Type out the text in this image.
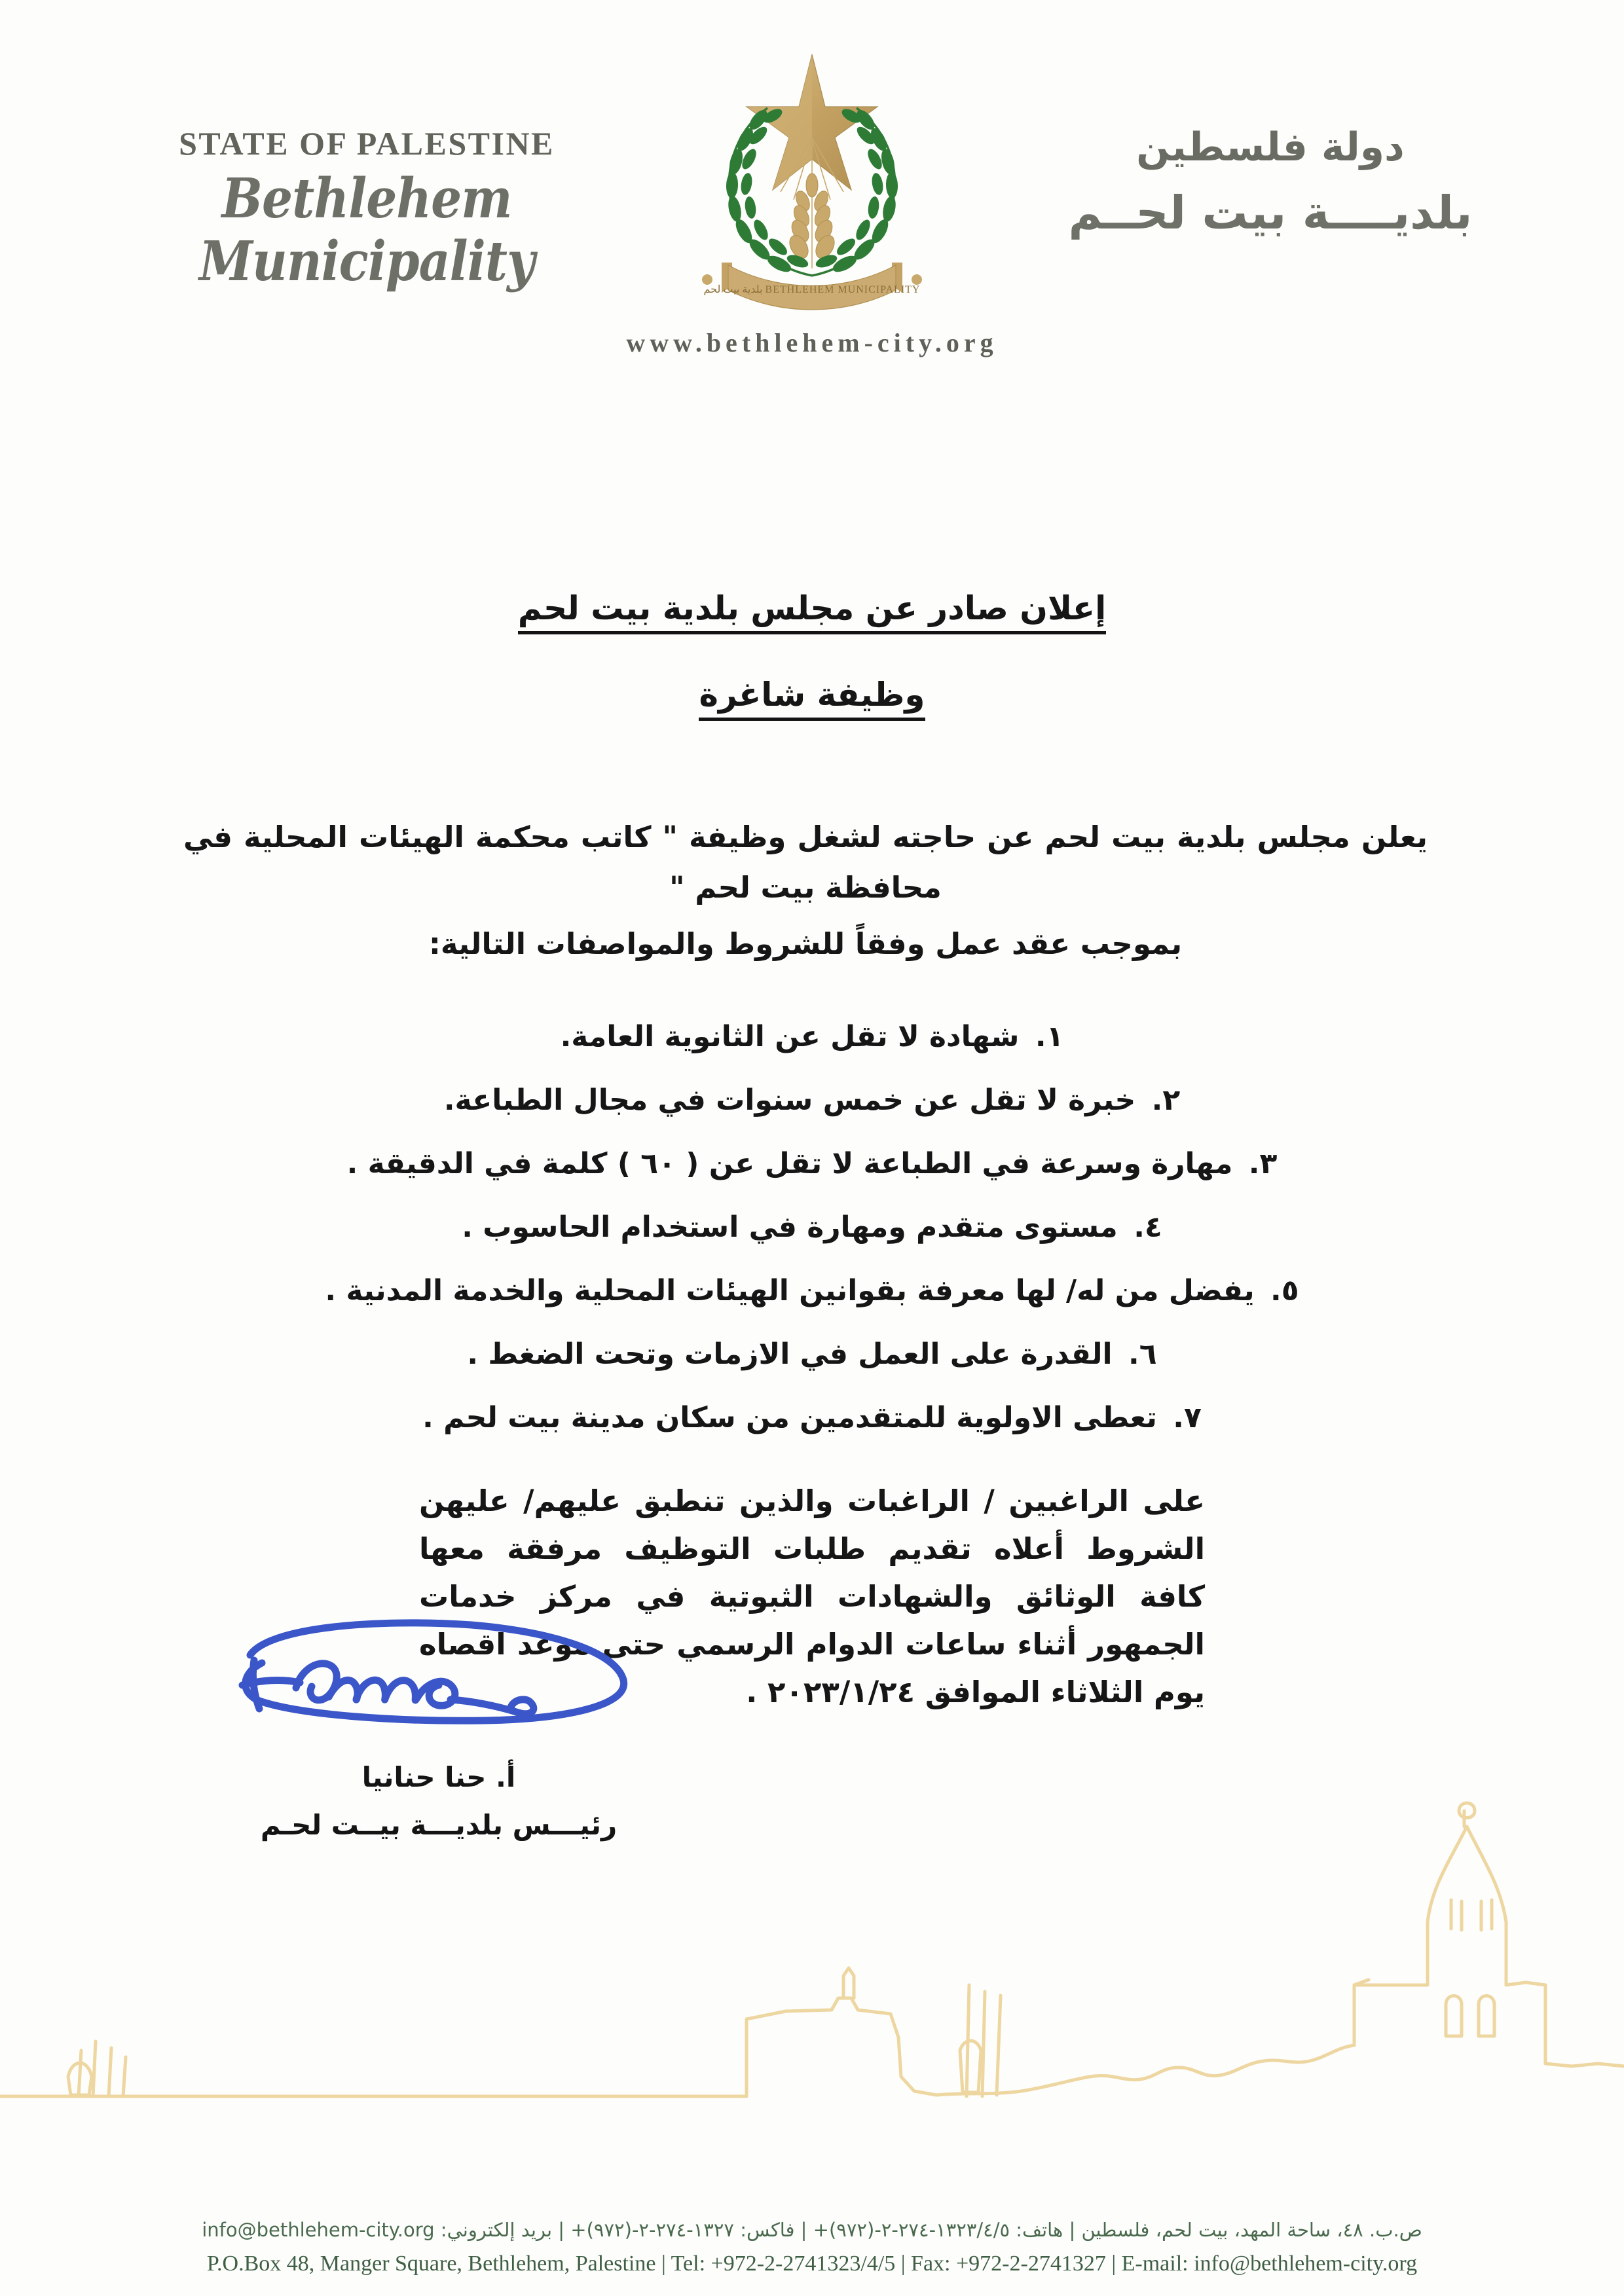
STATE OF PALESTINE
Bethlehem Municipality
دولة فلسطين
بلديــــة بيت لحــم
بلدية بيت لحم BETHLEHEM MUNICIPALITY
www.bethlehem-city.org
إعلان صادر عن مجلس بلدية بيت لحم
وظيفة شاغرة
يعلن مجلس بلدية بيت لحم عن حاجته لشغل وظيفة " كاتب محكمة الهيئات المحلية في محافظة بيت لحم "
بموجب عقد عمل وفقاً للشروط والمواصفات التالية:
١.
شهادة لا تقل عن الثانوية العامة.
٢.
خبرة لا تقل عن خمس سنوات في مجال الطباعة.
٣.
مهارة وسرعة في الطباعة لا تقل عن ( ٦٠ ) كلمة في الدقيقة .
٤.
مستوى متقدم ومهارة في استخدام الحاسوب .
٥.
يفضل من له/ لها معرفة بقوانين الهيئات المحلية والخدمة المدنية .
٦.
القدرة على العمل في الازمات وتحت الضغط .
٧.
تعطى الاولوية للمتقدمين من سكان مدينة بيت لحم .
على الراغبين / الراغبات والذين تنطبق عليهم/ عليهن الشروط أعلاه تقديم طلبات التوظيف مرفقة معها كافة الوثائق والشهادات الثبوتية في مركز خدمات الجمهور أثناء ساعات الدوام الرسمي حتى موعد اقصاه يوم الثلاثاء الموافق ٢٠٢٣/١/٢٤ .
أ. حنا حنانيا
رئيـــس بلديـــة بيــت لحـم
ص.ب. ٤٨، ساحة المهد، بيت لحم، فلسطين | هاتف: ١٣٢٣/٤/٥-٢٧٤-٢-(٩٧٢)+ | فاكس: ١٣٢٧-٢٧٤-٢-(٩٧٢)+ | بريد إلكتروني: info@bethlehem-city.org
P.O.Box 48, Manger Square, Bethlehem, Palestine | Tel: +972-2-2741323/4/5 | Fax: +972-2-2741327 | E-mail: info@bethlehem-city.org
